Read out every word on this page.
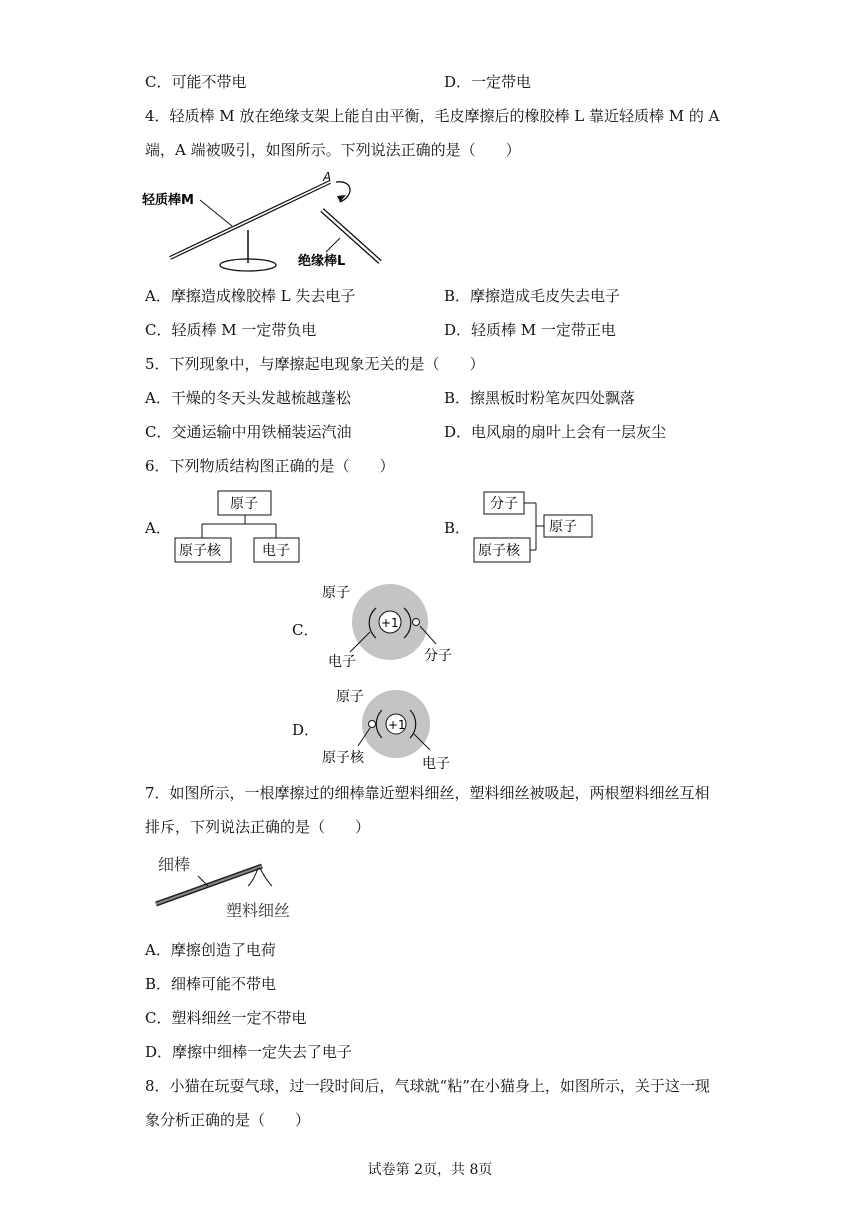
C．可能不带电	D．一定带电
4．轻质棒 M 放在绝缘支架上能自由平衡，毛皮摩擦后的橡胶棒 L 靠近轻质棒 M 的 A
端，A 端被吸引，如图所示。下列说法正确的是（　　）
轻质棒M
A
绝缘棒L
A．摩擦造成橡胶棒 L 失去电子	B．摩擦造成毛皮失去电子
C．轻质棒 M 一定带负电	D．轻质棒 M 一定带正电
5．下列现象中，与摩擦起电现象无关的是（　　）
A．干燥的冬天头发越梳越蓬松	B．擦黑板时粉笔灰四处飘落
C．交通运输中用铁桶装运汽油	D．电风扇的扇叶上会有一层灰尘
6．下列物质结构图正确的是（　　）
A．
原子
原子核	电子
B．
分子
原子核
原子
C．	+1
原子
电子	分子
D．	+1
原子
原子核	电子
7．如图所示，一根摩擦过的细棒靠近塑料细丝，塑料细丝被吸起，两根塑料细丝互相
排斥，下列说法正确的是（　　）
细棒
塑料细丝
A．摩擦创造了电荷
B．细棒可能不带电
C．塑料细丝一定不带电
D．摩擦中细棒一定失去了电子
8．小猫在玩耍气球，过一段时间后，气球就“粘”在小猫身上，如图所示，关于这一现
象分析正确的是（　　）
试卷第 2页，共 8页
